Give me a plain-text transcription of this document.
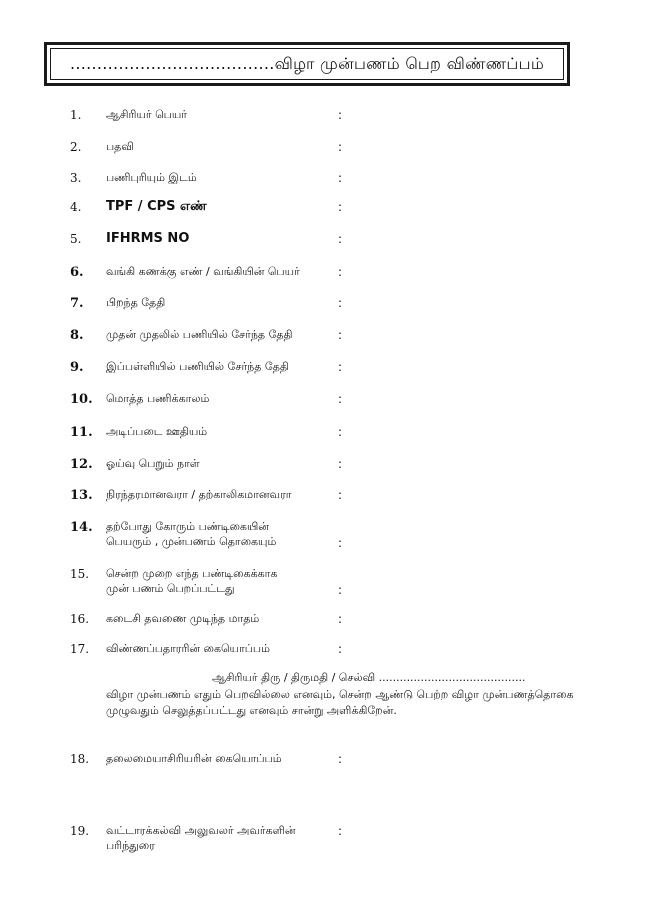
......................................விழா முன்பணம் பெற விண்ணப்பம்
1. ஆசிரியர் பெயர்	:
2. பதவி	:
3. பணிபுரியும் இடம்	:
4. TPF / CPS எண்	:
5. IFHRMS NO	:
6. வங்கி கணக்கு எண் / வங்கியின் பெயர்	:
7. பிறந்த தேதி	:
8. முதன் முதலில் பணியில் சேர்ந்த தேதி	:
9. இப்பள்ளியில் பணியில் சேர்ந்த தேதி	:
10. மொத்த பணிக்காலம்	:
11. அடிப்படை ஊதியம்	:
12. ஓய்வு பெறும் நாள்	:
13. நிரந்தரமானவரா / தற்காலிகமானவரா	:
14. தற்போது கோரும் பண்டிகையின்
பெயரும் , முன்பணம் தொகையும்	:
15. சென்ற முறை எந்த பண்டிகைக்காக
முன் பணம் பெறப்பட்டது	:
16. கடைசி தவணை முடிந்த மாதம்	:
17. விண்ணப்பதாரரின் கையொப்பம்	:
ஆசிரியர் திரு / திருமதி / செல்வி ..........................................
விழா முன்பணம் எதும் பெறவில்லை எனவும், சென்ற ஆண்டு பெற்ற விழா முன்பணத்தொகை முழுவதும் செலுத்தப்பட்டது எனவும் சான்று அளிக்கிறேன்.
18. தலைமையாசிரியரின் கையொப்பம்	:
19. வட்டாரக்கல்வி அலுவலர் அவர்களின்
பரிந்துரை
:
